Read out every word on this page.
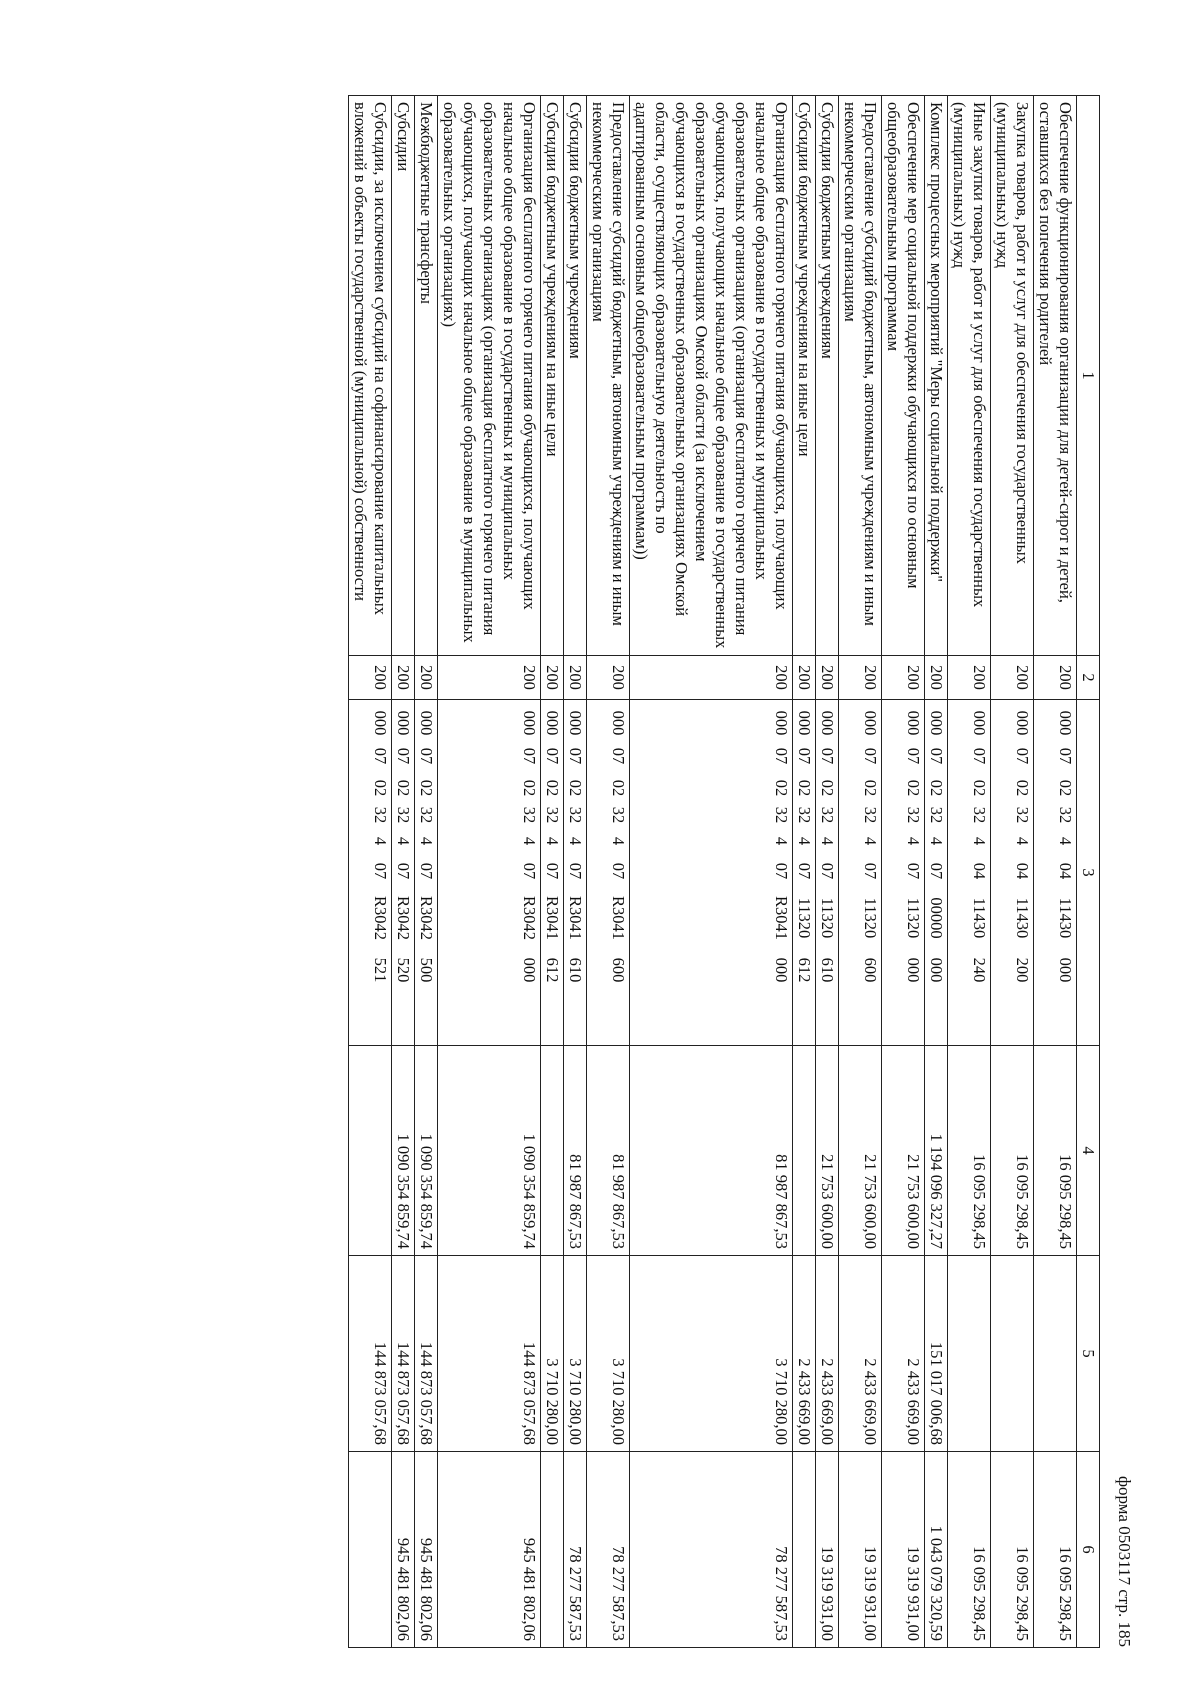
форма 0503117 стр. 185
1	2	3	4	5	6
Обеспечение функционирования организации для детей-сирот и детей, оставшихся без попечения родителей	200	00007023240411430000	16 095 298,45		16 095 298,45
Закупка товаров, работ и услуг для обеспечения государственных (муниципальных) нужд	200	00007023240411430200	16 095 298,45		16 095 298,45
Иные закупки товаров, работ и услуг для обеспечения государственных (муниципальных) нужд	200	00007023240411430240	16 095 298,45		16 095 298,45
Комплекс процессных мероприятий "Меры социальной поддержки"	200	00007023240700000000	1 194 096 327,27	151 017 006,68	1 043 079 320,59
Обеспечение мер социальной поддержки обучающихся по основным общеобразовательным программам	200	00007023240711320000	21 753 600,00	2 433 669,00	19 319 931,00
Предоставление субсидий бюджетным, автономным учреждениям и иным некоммерческим организациям	200	00007023240711320600	21 753 600,00	2 433 669,00	19 319 931,00
Субсидии бюджетным учреждениям	200	00007023240711320610	21 753 600,00	2 433 669,00	19 319 931,00
Субсидии бюджетным учреждениям на иные цели	200	00007023240711320612		2 433 669,00	
Организация бесплатного горячего питания обучающихся, получающих начальное общее образование в государственных и муниципальных образовательных организациях (организация бесплатного горячего питания обучающихся, получающих начальное общее образование в государственных образовательных организациях Омской области (за исключением обучающихся в государственных образовательных организациях Омской области, осуществляющих образовательную деятельность по адаптированным основным общеобразовательным программам))	200	000070232407R3041000	81 987 867,53	3 710 280,00	78 277 587,53
Предоставление субсидий бюджетным, автономным учреждениям и иным некоммерческим организациям	200	000070232407R3041600	81 987 867,53	3 710 280,00	78 277 587,53
Субсидии бюджетным учреждениям	200	000070232407R3041610	81 987 867,53	3 710 280,00	78 277 587,53
Субсидии бюджетным учреждениям на иные цели	200	000070232407R3041612		3 710 280,00	
Организация бесплатного горячего питания обучающихся, получающих начальное общее образование в государственных и муниципальных образовательных организациях (организация бесплатного горячего питания обучающихся, получающих начальное общее образование в муниципальных образовательных организациях)	200	000070232407R3042000	1 090 354 859,74	144 873 057,68	945 481 802,06
Межбюджетные трансферты	200	000070232407R3042500	1 090 354 859,74	144 873 057,68	945 481 802,06
Субсидии	200	000070232407R3042520	1 090 354 859,74	144 873 057,68	945 481 802,06
Субсидии, за исключением субсидий на софинансирование капитальных вложений в объекты государственной (муниципальной) собственности	200	000070232407R3042521		144 873 057,68	
